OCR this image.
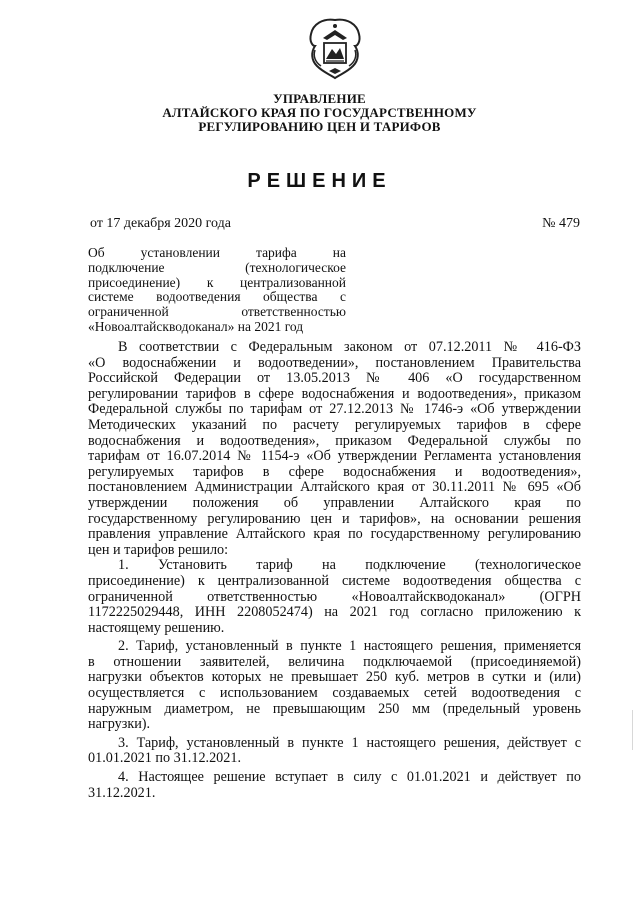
УПРАВЛЕНИЕ
АЛТАЙСКОГО КРАЯ ПО ГОСУДАРСТВЕННОМУ
РЕГУЛИРОВАНИЮ ЦЕН И ТАРИФОВ
РЕШЕНИЕ
от 17 декабря 2020 года	№ 479
Об установлении тарифа на
подключение (технологическое
присоединение) к централизованной
системе водоотведения общества с
ограниченной ответственностью
«Новоалтайскводоканал» на 2021 год
В соответствии с Федеральным законом от 07.12.2011 № 416-ФЗ
«О водоснабжении и водоотведении», постановлением Правительства
Российской Федерации от 13.05.2013 № 406 «О государственном
регулировании тарифов в сфере водоснабжения и водоотведения», приказом
Федеральной службы по тарифам от 27.12.2013 № 1746-э «Об утверждении
Методических указаний по расчету регулируемых тарифов в сфере
водоснабжения и водоотведения», приказом Федеральной службы по
тарифам от 16.07.2014 № 1154-э «Об утверждении Регламента установления
регулируемых тарифов в сфере водоснабжения и водоотведения»,
постановлением Администрации Алтайского края от 30.11.2011 № 695 «Об
утверждении положения об управлении Алтайского края по
государственному регулированию цен и тарифов», на основании решения
правления управление Алтайского края по государственному регулированию
цен и тарифов решило:
1. Установить тариф на подключение (технологическое
присоединение) к централизованной системе водоотведения общества с
ограниченной ответственностью «Новоалтайскводоканал» (ОГРН
1172225029448, ИНН 2208052474) на 2021 год согласно приложению к
настоящему решению.
2. Тариф, установленный в пункте 1 настоящего решения, применяется
в отношении заявителей, величина подключаемой (присоединяемой)
нагрузки объектов которых не превышает 250 куб. метров в сутки и (или)
осуществляется с использованием создаваемых сетей водоотведения с
наружным диаметром, не превышающим 250 мм (предельный уровень
нагрузки).
3. Тариф, установленный в пункте 1 настоящего решения, действует с
01.01.2021 по 31.12.2021.
4. Настоящее решение вступает в силу с 01.01.2021 и действует по
31.12.2021.
